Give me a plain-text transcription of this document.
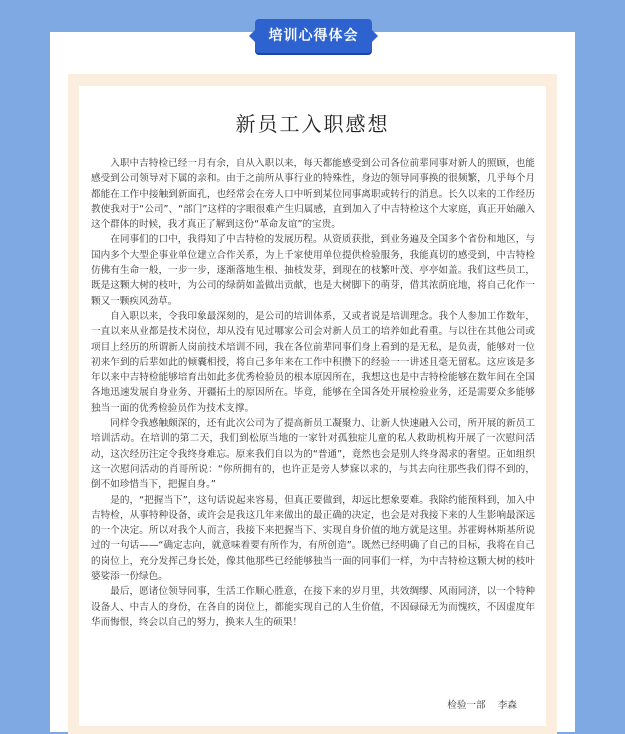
培训心得体会
新员工入职感想

入职中吉特检已经一月有余，自从入职以来，每天都能感受到公司各位前辈同事对新人的照顾，也能感受到公司领导对下属的亲和。由于之前所从事行业的特殊性，身边的领导同事换的很频繁，几乎每个月都能在工作中接触到新面孔，也经常会在旁人口中听到某位同事离职或转行的消息。长久以来的工作经历教使我对于“公司”、“部门”这样的字眼很难产生归属感，直到加入了中吉特检这个大家庭，真正开始融入这个群体的时候，我才真正了解到这份“革命友谊”的宝贵。

在同事们的口中，我得知了中吉特检的发展历程。从资质获批，到业务遍及全国多个省份和地区，与国内多个大型企事业单位建立合作关系，为上千家使用单位提供检验服务，我能真切的感受到，中吉特检仿佛有生命一般，一步一步，逐渐落地生根、抽枝发芽，到现在的枝繁叶茂、亭亭如盖。我们这些员工，既是这颗大树的枝叶，为公司的绿荫如盖做出贡献，也是大树脚下的萌芽，借其浓荫庇地，将自己化作一颗又一颗疾风劲草。

自入职以来，令我印象最深刻的，是公司的培训体系，又或者说是培训理念。我个人参加工作数年，一直以来从业都是技术岗位，却从没有见过哪家公司会对新人员工的培养如此看重。与以往在其他公司或项目上经历的所谓新人岗前技术培训不同，我在各位前辈同事们身上看到的是无私，是负责，能够对一位初来乍到的后辈如此的倾囊相授，将自己多年来在工作中积攒下的经验一一讲述且毫无留私。这应该是多年以来中吉特检能够培育出如此多优秀检验员的根本原因所在，我想这也是中吉特检能够在数年间在全国各地迅速发展自身业务、开疆拓土的原因所在。毕竟，能够在全国各处开展检验业务，还是需要众多能够独当一面的优秀检验员作为技术支撑。

同样令我感触颇深的，还有此次公司为了提高新员工凝聚力、让新人快速融入公司，所开展的新员工培训活动。在培训的第二天，我们到松原当地的一家针对孤独症儿童的私人救助机构开展了一次慰问活动，这次经历注定令我终身难忘。原来我们自以为的“普通”，竟然也会是别人终身渴求的奢望。正如组织这一次慰问活动的肖哥所说：“你所拥有的，也许正是旁人梦寐以求的，与其去向往那些我们得不到的，倒不如珍惜当下，把握自身。”

是的，“把握当下”，这句话说起来容易，但真正要做到，却远比想象要难。我除约能预料到，加入中吉特检，从事特种设备，或许会是我这几年来做出的最正确的决定，也会是对我接下来的人生影响最深远的一个决定。所以对我个人而言，我接下来把握当下、实现自身价值的地方就是这里。苏霍姆林斯基所说过的一句话——“确定志向，就意味着要有所作为，有所创造”。既然已经明确了自己的目标，我将在自己的岗位上，充分发挥己身长处，像其他那些已经能够独当一面的同事们一样，为中吉特检这颗大树的枝叶婆娑添一份绿色。

最后，愿诸位领导同事，生活工作顺心胜意，在接下来的岁月里，共效绸缪、风雨同济，以一个特种设备人、中吉人的身份，在各自的岗位上，都能实现自己的人生价值，不因碌碌无为而愧疚，不因虚度年华而悔恨，终会以自己的努力，换来人生的硕果！

检验一部    李森
